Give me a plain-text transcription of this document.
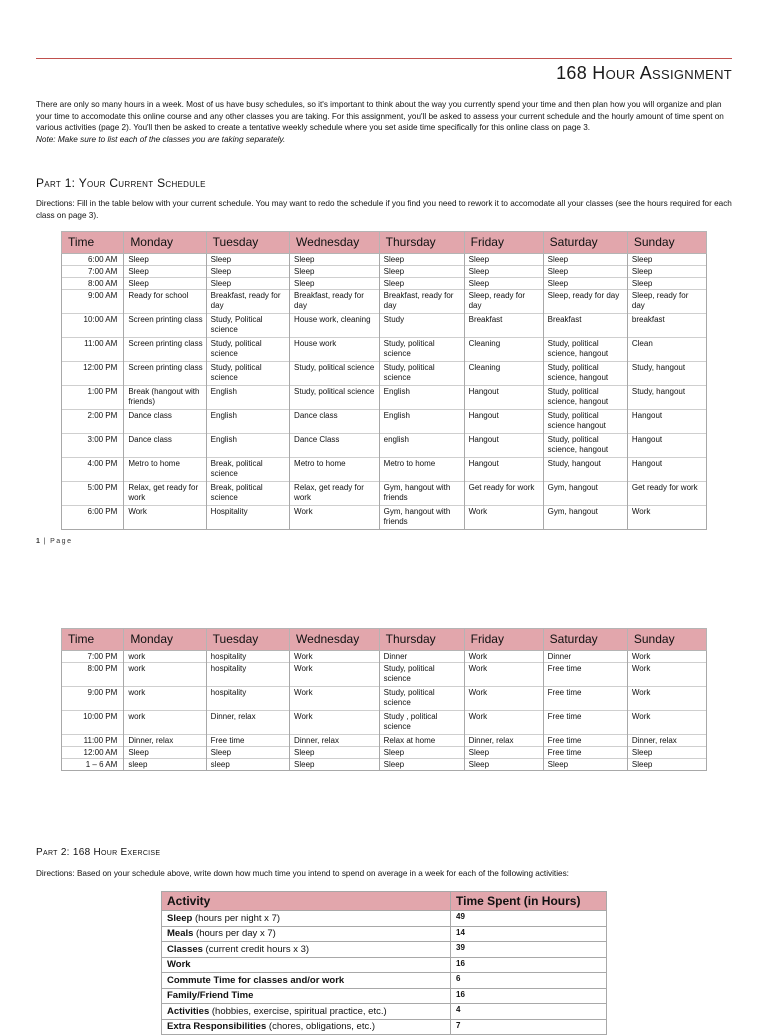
168 Hour Assignment

There are only so many hours in a week. Most of us have busy schedules, so it's important to think about the way you currently spend your time and then plan how you will organize and plan your time to accomodate this online course and any other classes you are taking. For this assignment, you'll be asked to assess your current schedule and the hourly amount of time spent on various activities (page 2). You'll then be asked to create a tentative weekly schedule where you set aside time specifically for this online class on page 3.

Note: Make sure to list each of the classes you are taking separately.

Part 1: Your Current Schedule
Directions: Fill in the table below with your current schedule. You may want to redo the schedule if you find you need to rework it to accomodate all your classes (see the hours required for each class on page 3).
Time	Monday	Tuesday	Wednesday	Thursday	Friday	Saturday	Sunday
6:00 AM	Sleep	Sleep	Sleep	Sleep	Sleep	Sleep	Sleep
7:00 AM	Sleep	Sleep	Sleep	Sleep	Sleep	Sleep	Sleep
8:00 AM	Sleep	Sleep	Sleep	Sleep	Sleep	Sleep	Sleep
9:00 AM	Ready for school	Breakfast, ready for day	Breakfast, ready for day	Breakfast, ready for day	Sleep, ready for day	Sleep, ready for day	Sleep, ready for day
10:00 AM	Screen printing class	Study, Political science	House work, cleaning	Study	Breakfast	Breakfast	breakfast
11:00 AM	Screen printing class	Study, political science	House work	Study, political science	Cleaning	Study, political science, hangout	Clean
12:00 PM	Screen printing class	Study, political science	Study, political science	Study, political science	Cleaning	Study, political science, hangout	Study, hangout
1:00 PM	Break (hangout with friends)	English	Study, political science	English	Hangout	Study, political science, hangout	Study, hangout
2:00 PM	Dance class	English	Dance class	English	Hangout	Study, political science hangout	Hangout
3:00 PM	Dance class	English	Dance Class	english	Hangout	Study, political science, hangout	Hangout
4:00 PM	Metro to home	Break, political science	Metro to home	Metro to home	Hangout	Study, hangout	Hangout
5:00 PM	Relax, get ready for work	Break, political science	Relax, get ready for work	Gym, hangout with friends	Get ready for work	Gym, hangout	Get ready for work
6:00 PM	Work	Hospitality	Work	Gym, hangout with friends	Work	Gym, hangout	Work
1 | Page
Time	Monday	Tuesday	Wednesday	Thursday	Friday	Saturday	Sunday
7:00 PM	work	hospitality	Work	Dinner	Work	Dinner	Work
8:00 PM	work	hospitality	Work	Study, political science	Work	Free time	Work
9:00 PM	work	hospitality	Work	Study, political science	Work	Free time	Work
10:00 PM	work	Dinner, relax	Work	Study , political science	Work	Free time	Work
11:00 PM	Dinner, relax	Free time	Dinner, relax	Relax at home	Dinner, relax	Free time	Dinner, relax
12:00 AM	Sleep	Sleep	Sleep	Sleep	Sleep	Free time	Sleep
1 – 6 AM	sleep	sleep	Sleep	Sleep	Sleep	Sleep	Sleep
Part 2: 168 Hour Exercise
Directions: Based on your schedule above, write down how much time you intend to spend on average in a week for each of the following activities:
Activity	Time Spent (in Hours)
Sleep (hours per night x 7)	49
Meals (hours per day x 7)	14
Classes (current credit hours x 3)	39
Work	16
Commute Time for classes and/or work	6
Family/Friend Time	16
Activities (hobbies, exercise, spiritual practice, etc.)	4
Extra Responsibilities (chores, obligations, etc.)	7
